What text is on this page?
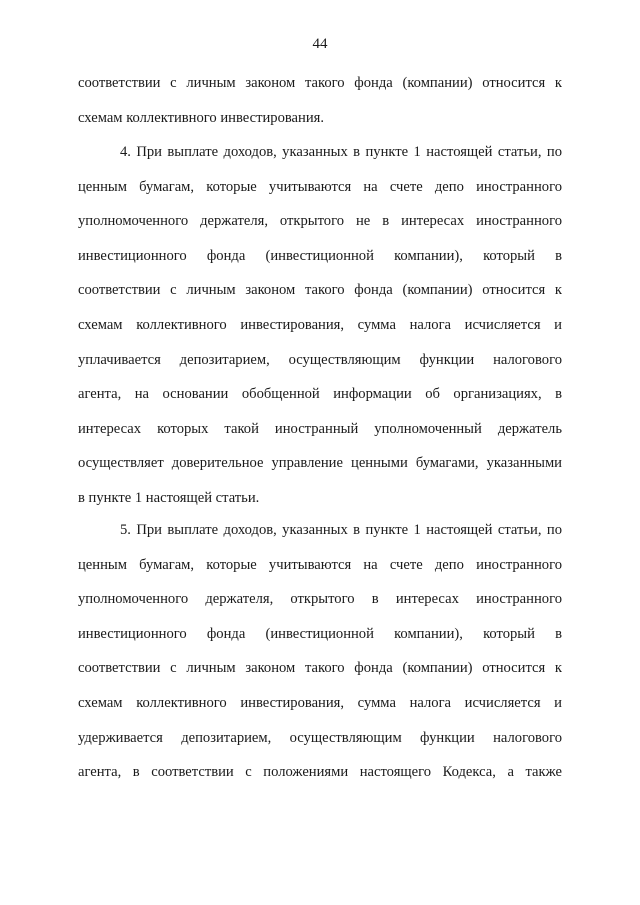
44
соответствии с личным законом такого фонда (компании) относится к
схемам коллективного инвестирования.
4. При выплате доходов, указанных в пункте 1 настоящей статьи, по
ценным бумагам, которые учитываются на счете депо иностранного
уполномоченного держателя, открытого не в интересах иностранного
инвестиционного фонда (инвестиционной компании), который в
соответствии с личным законом такого фонда (компании) относится к
схемам коллективного инвестирования, сумма налога исчисляется и
уплачивается депозитарием, осуществляющим функции налогового
агента, на основании обобщенной информации об организациях, в
интересах которых такой иностранный уполномоченный держатель
осуществляет доверительное управление ценными бумагами, указанными
в пункте 1 настоящей статьи.
5. При выплате доходов, указанных в пункте 1 настоящей статьи, по
ценным бумагам, которые учитываются на счете депо иностранного
уполномоченного держателя, открытого в интересах иностранного
инвестиционного фонда (инвестиционной компании), который в
соответствии с личным законом такого фонда (компании) относится к
схемам коллективного инвестирования, сумма налога исчисляется и
удерживается депозитарием, осуществляющим функции налогового
агента, в соответствии с положениями настоящего Кодекса, а также
